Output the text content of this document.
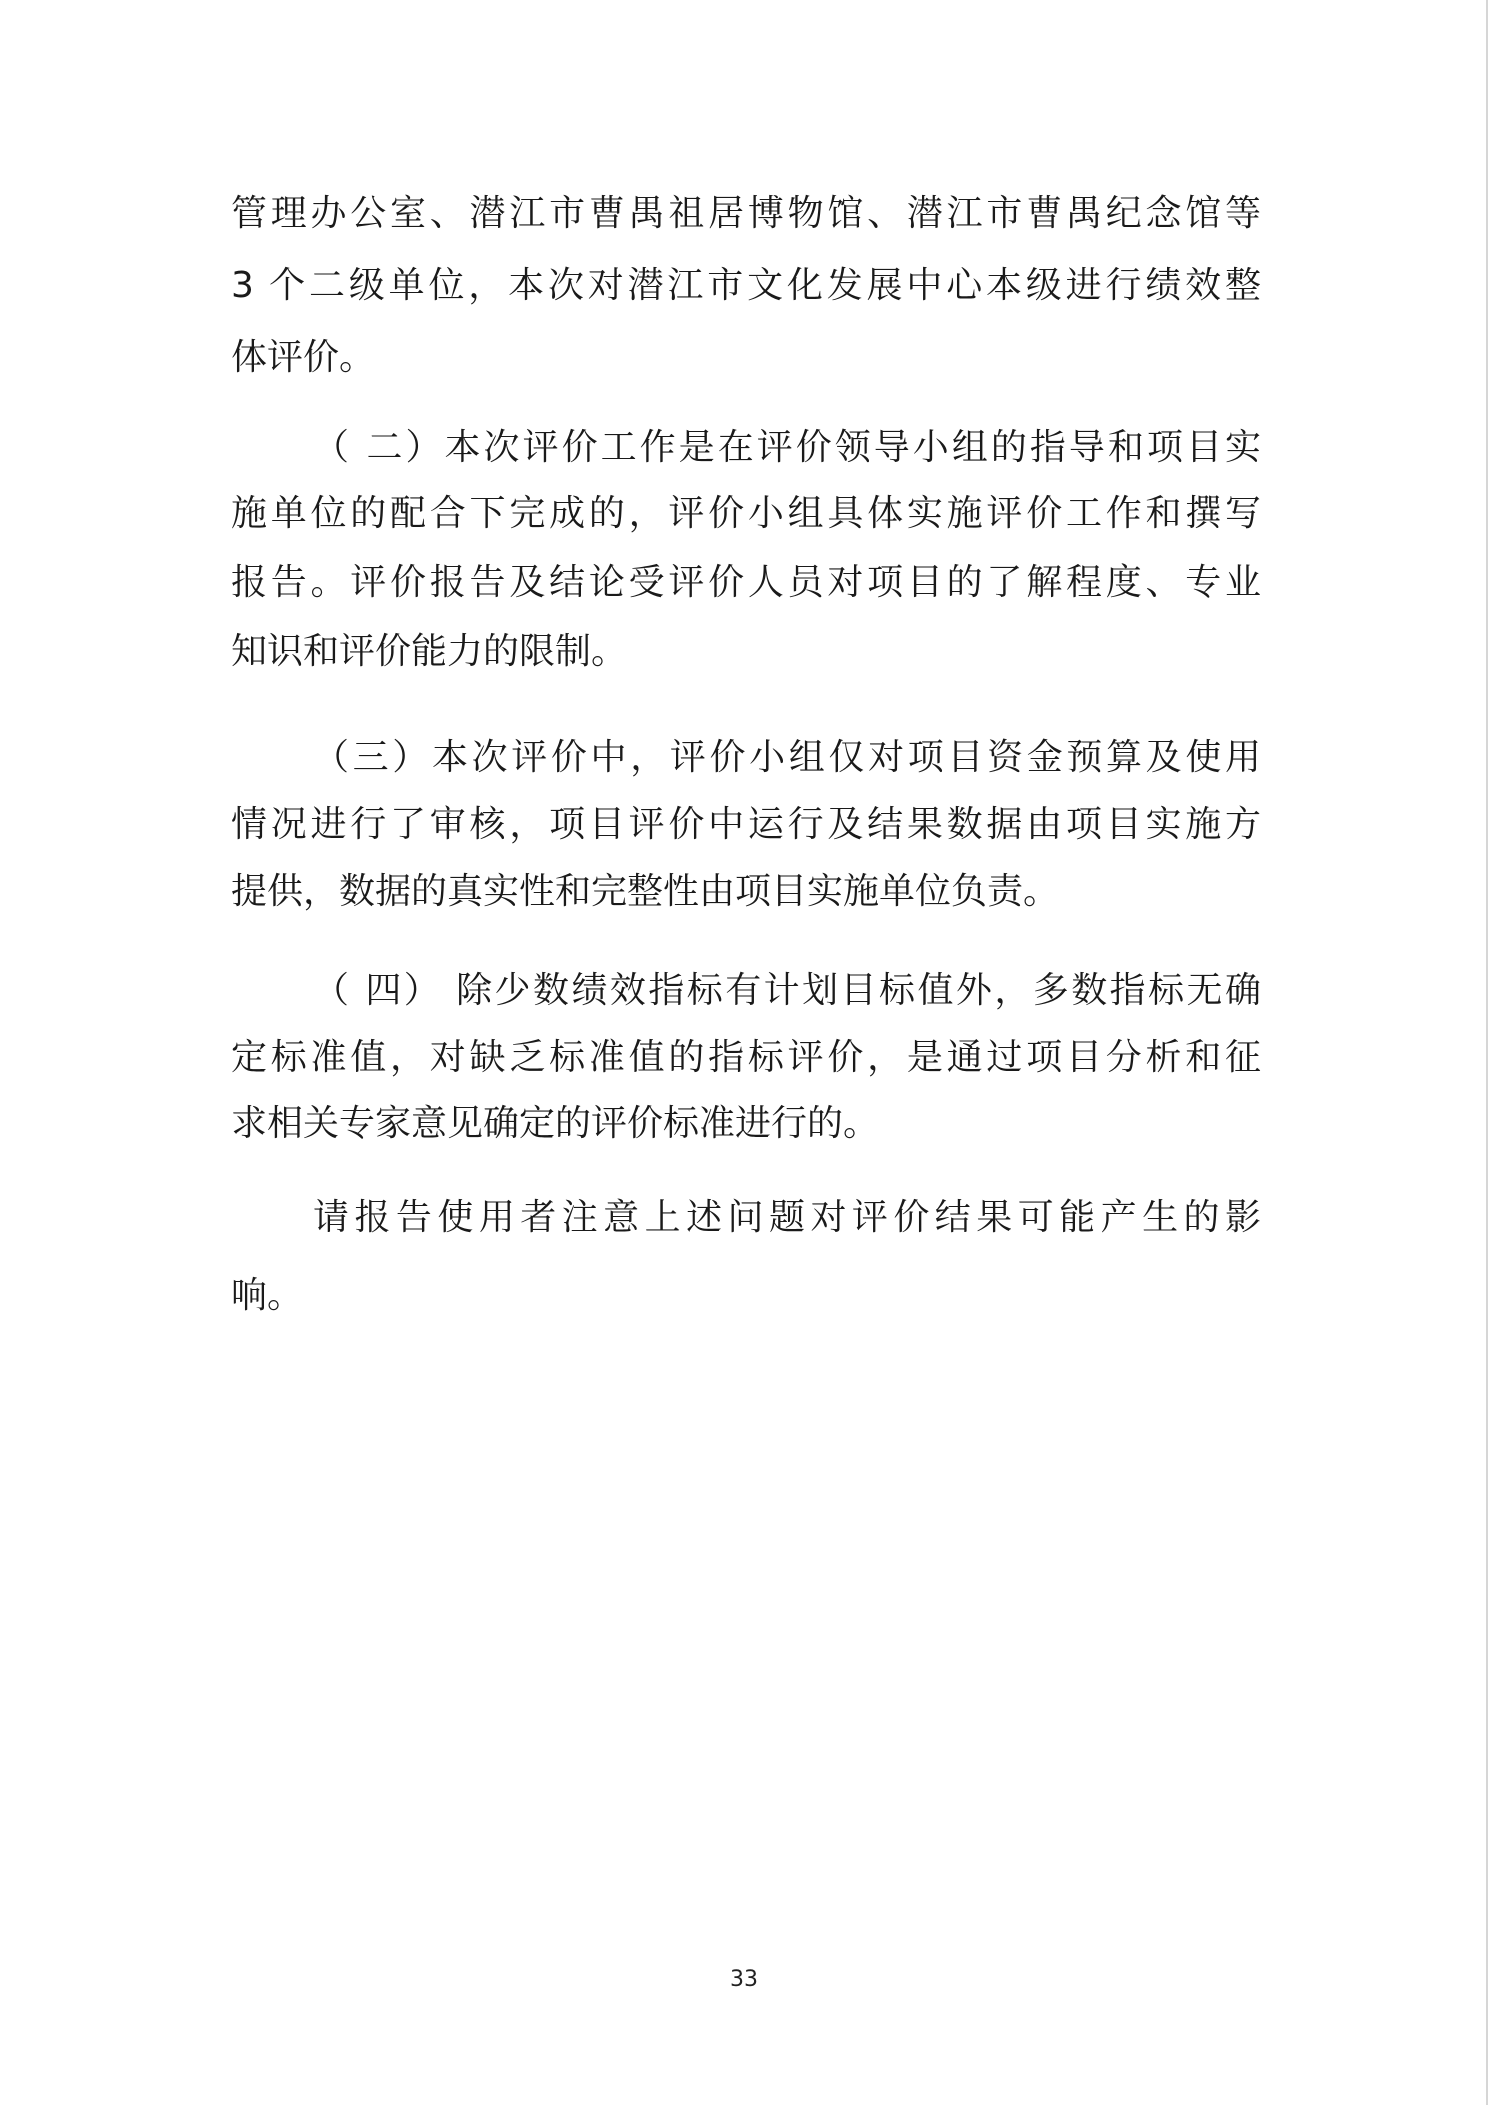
管理办公室、潜江市曹禺祖居博物馆、潜江市曹禺纪念馆等
3 个二级单位，本次对潜江市文化发展中心本级进行绩效整
体评价。
（ 二）本次评价工作是在评价领导小组的指导和项目实
施单位的配合下完成的，评价小组具体实施评价工作和撰写
报告。评价报告及结论受评价人员对项目的了解程度、专业
知识和评价能力的限制。
（三）本次评价中，评价小组仅对项目资金预算及使用
情况进行了审核，项目评价中运行及结果数据由项目实施方
提供，数据的真实性和完整性由项目实施单位负责。
（ 四） 除少数绩效指标有计划目标值外，多数指标无确
定标准值，对缺乏标准值的指标评价，是通过项目分析和征
求相关专家意见确定的评价标准进行的。
请报告使用者注意上述问题对评价结果可能产生的影
响。
33
